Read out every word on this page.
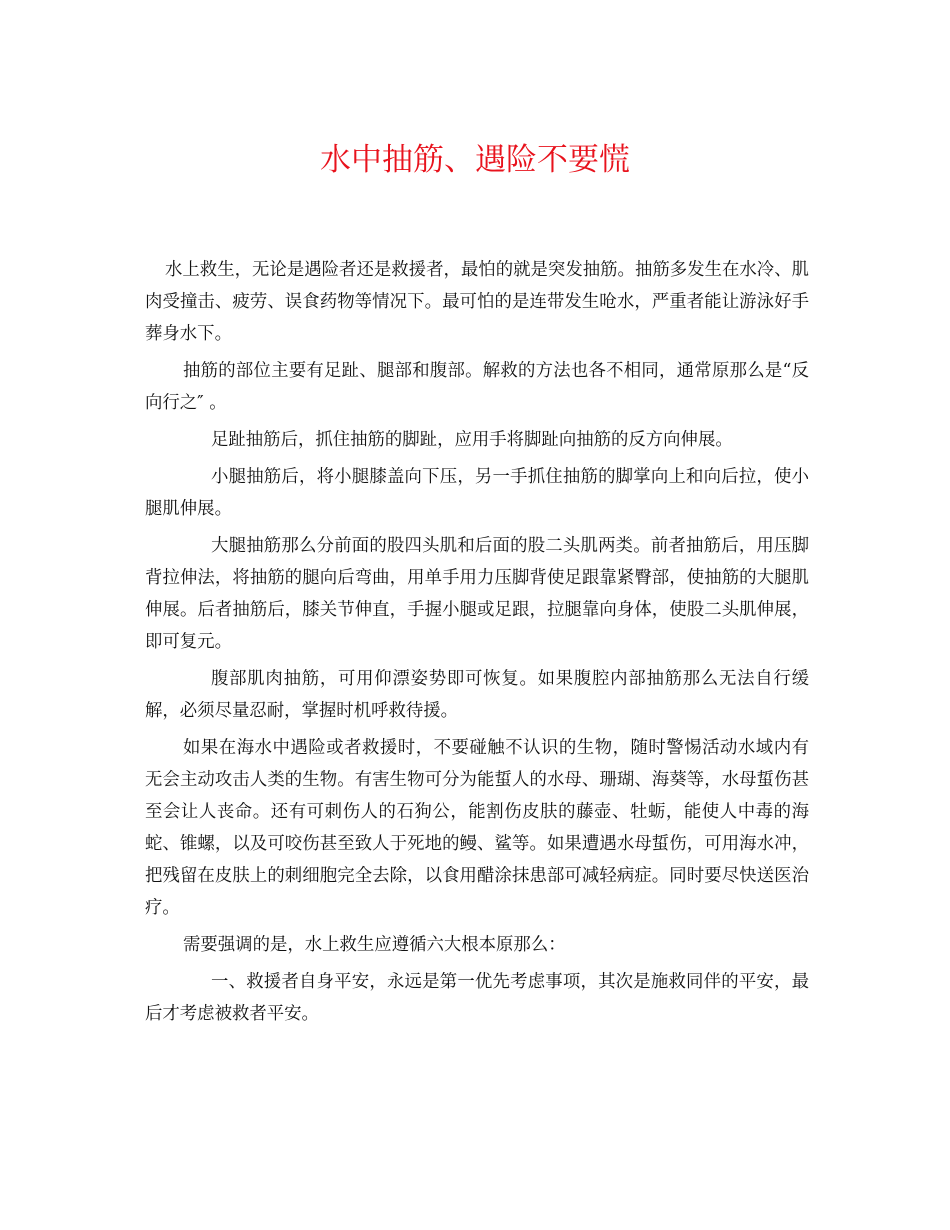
水中抽筋、遇险不要慌

水上救生，无论是遇险者还是救援者，最怕的就是突发抽筋。抽筋多发生在水冷、肌肉受撞击、疲劳、误食药物等情况下。最可怕的是连带发生呛水，严重者能让游泳好手葬身水下。

抽筋的部位主要有足趾、腿部和腹部。解救的方法也各不相同，通常原那么是“反向行之″ 。

足趾抽筋后，抓住抽筋的脚趾，应用手将脚趾向抽筋的反方向伸展。

小腿抽筋后，将小腿膝盖向下压，另一手抓住抽筋的脚掌向上和向后拉，使小腿肌伸展。

大腿抽筋那么分前面的股四头肌和后面的股二头肌两类。前者抽筋后，用压脚背拉伸法，将抽筋的腿向后弯曲，用单手用力压脚背使足跟靠紧臀部，使抽筋的大腿肌伸展。后者抽筋后，膝关节伸直，手握小腿或足跟，拉腿靠向身体，使股二头肌伸展，即可复元。

腹部肌肉抽筋，可用仰漂姿势即可恢复。如果腹腔内部抽筋那么无法自行缓解，必须尽量忍耐，掌握时机呼救待援。

如果在海水中遇险或者救援时，不要碰触不认识的生物，随时警惕活动水域内有无会主动攻击人类的生物。有害生物可分为能蜇人的水母、珊瑚、海葵等，水母蜇伤甚至会让人丧命。还有可刺伤人的石狗公，能割伤皮肤的藤壶、牡蛎，能使人中毒的海蛇、锥螺，以及可咬伤甚至致人于死地的鳗、鲨等。如果遭遇水母蜇伤，可用海水冲，把残留在皮肤上的刺细胞完全去除，以食用醋涂抹患部可减轻病症。同时要尽快送医治疗。

需要强调的是，水上救生应遵循六大根本原那么：

一、救援者自身平安，永远是第一优先考虑事项，其次是施救同伴的平安，最后才考虑被救者平安。
